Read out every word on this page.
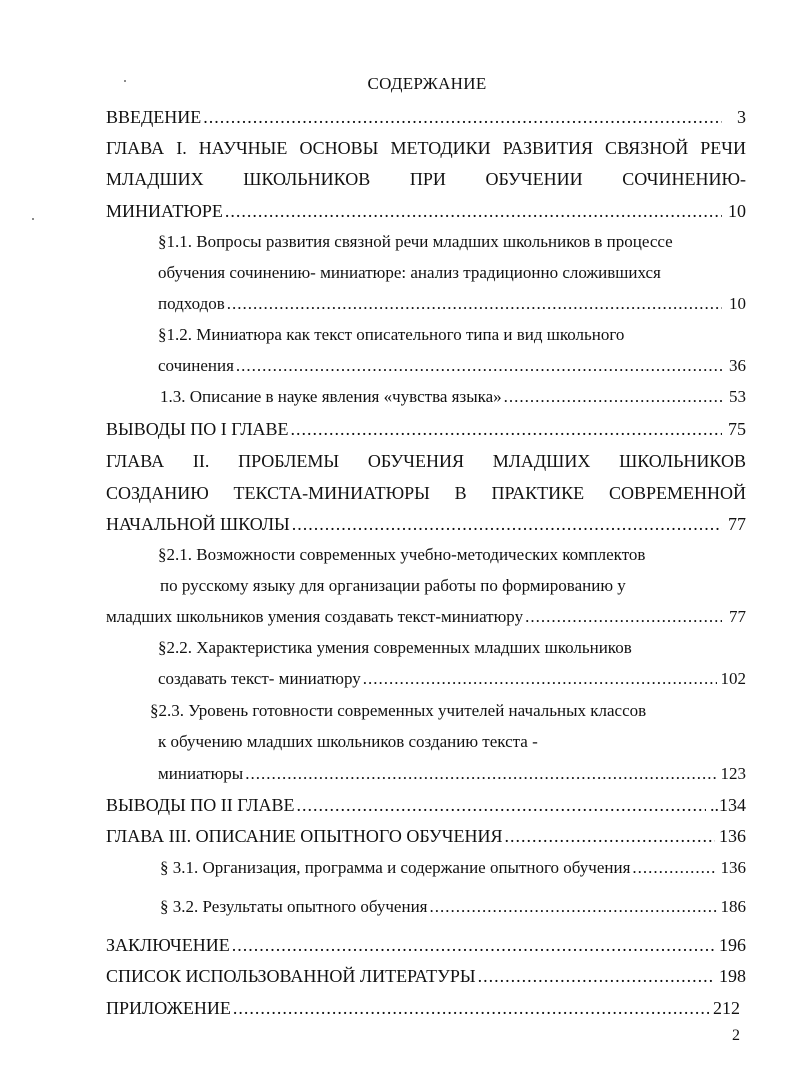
СОДЕРЖАНИЕ
ВВЕДЕНИЕ .....	3
ГЛАВА I. НАУЧНЫЕ ОСНОВЫ МЕТОДИКИ РАЗВИТИЯ СВЯЗНОЙ РЕЧИ
МЛАДШИХ ШКОЛЬНИКОВ ПРИ ОБУЧЕНИИ СОЧИНЕНИЮ-
МИНИАТЮРЕ .....	10
§1.1. Вопросы развития связной речи младших школьников в процессе
обучения сочинению- миниатюре: анализ традиционно сложившихся
подходов .....	10
§1.2. Миниатюра как текст описательного типа и вид школьного
сочинения .....	36
1.3. Описание в науке явления «чувства языка» .....	53
ВЫВОДЫ ПО I ГЛАВЕ .....	75
ГЛАВА II. ПРОБЛЕМЫ ОБУЧЕНИЯ МЛАДШИХ ШКОЛЬНИКОВ
СОЗДАНИЮ ТЕКСТА-МИНИАТЮРЫ В ПРАКТИКЕ СОВРЕМЕННОЙ
НАЧАЛЬНОЙ ШКОЛЫ .....	77
§2.1. Возможности современных учебно-методических комплектов
по русскому языку для организации работы по формированию у
младших школьников умения создавать текст-миниатюру .....	77
§2.2. Характеристика умения современных младших школьников
создавать текст- миниатюру .....	102
§2.3. Уровень готовности современных учителей начальных классов
к обучению младших школьников созданию текста -
миниатюры .....	123
ВЫВОДЫ ПО II ГЛАВЕ .....	..134
ГЛАВА III. ОПИСАНИЕ ОПЫТНОГО ОБУЧЕНИЯ .....	136
§ 3.1. Организация, программа и содержание опытного обучения .....	136
§ 3.2. Результаты опытного обучения .....	186
ЗАКЛЮЧЕНИЕ .....	196
СПИСОК ИСПОЛЬЗОВАННОЙ ЛИТЕРАТУРЫ .....	198
ПРИЛОЖЕНИЕ .....	212
2
